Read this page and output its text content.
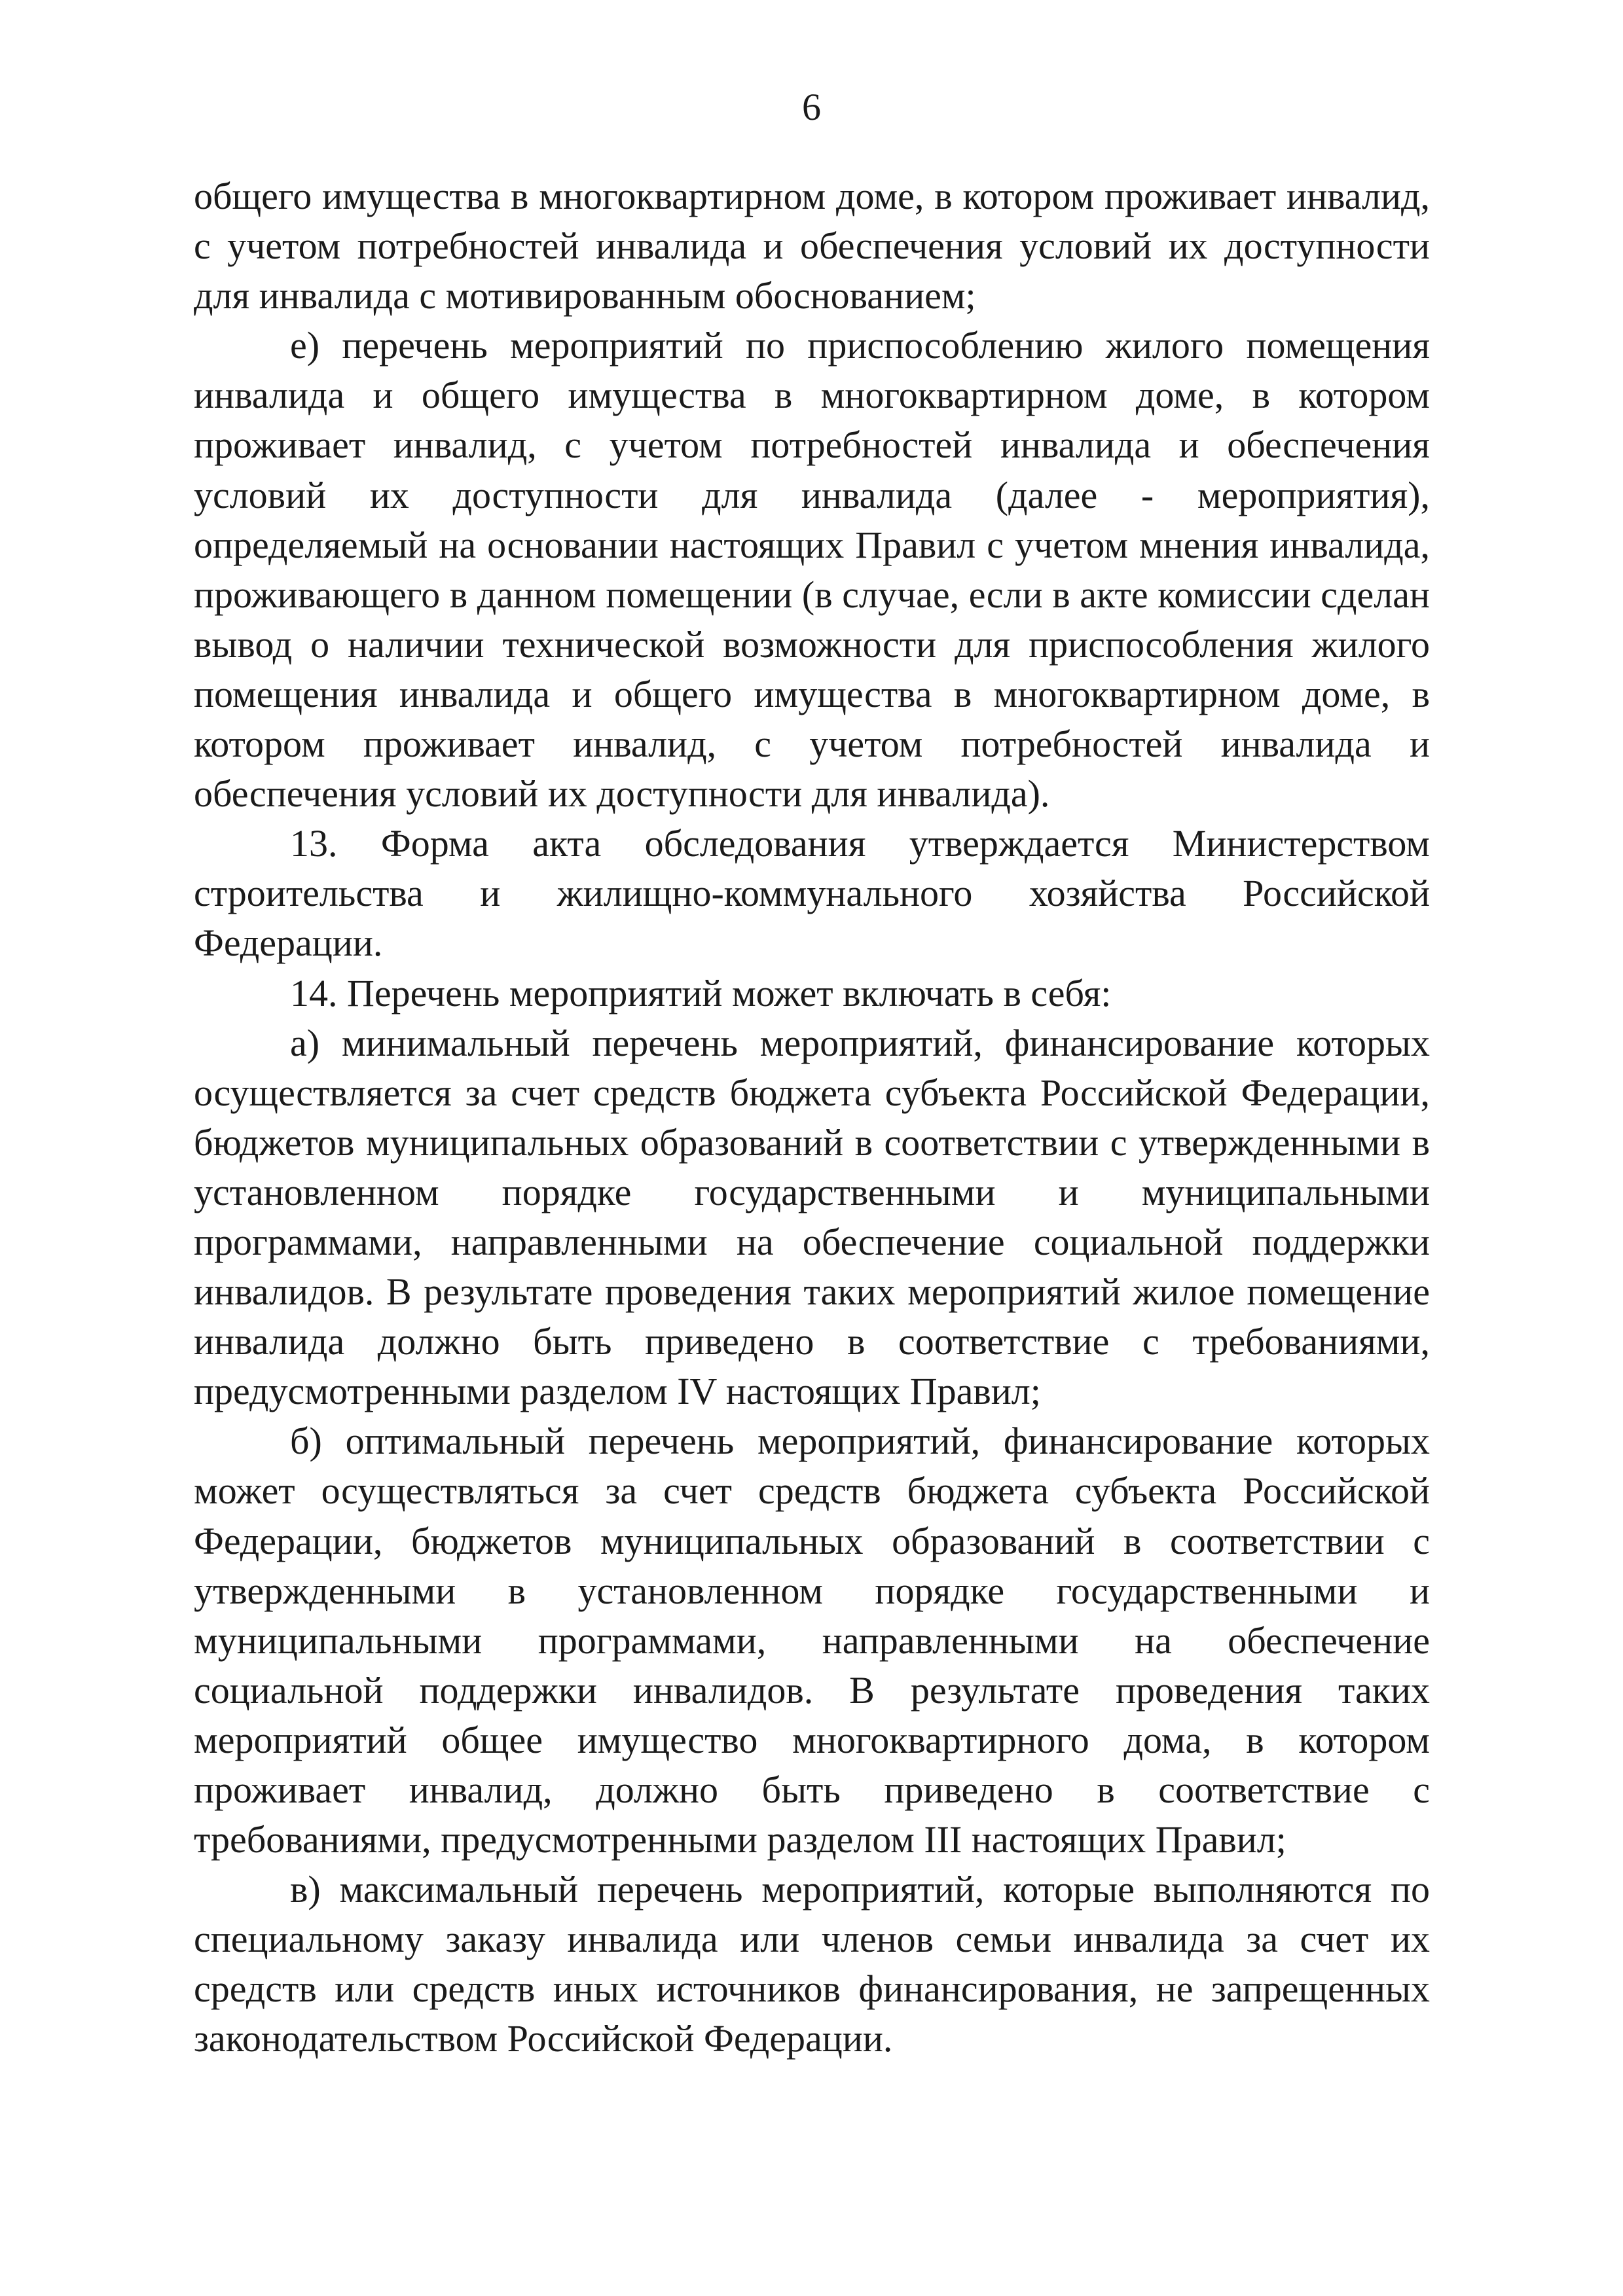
6

общего имущества в многоквартирном доме, в котором проживает инвалид, с учетом потребностей инвалида и обеспечения условий их доступности для инвалида с мотивированным обоснованием;

е) перечень мероприятий по приспособлению жилого помещения инвалида и общего имущества в многоквартирном доме, в котором проживает инвалид, с учетом потребностей инвалида и обеспечения условий их доступности для инвалида (далее - мероприятия), определяемый на основании настоящих Правил с учетом мнения инвалида, проживающего в данном помещении (в случае, если в акте комиссии сделан вывод о наличии технической возможности для приспособления жилого помещения инвалида и общего имущества в многоквартирном доме, в котором проживает инвалид, с учетом потребностей инвалида и обеспечения условий их доступности для инвалида).

13. Форма акта обследования утверждается Министерством строительства и жилищно-коммунального хозяйства Российской Федерации.

14. Перечень мероприятий может включать в себя:

а) минимальный перечень мероприятий, финансирование которых осуществляется за счет средств бюджета субъекта Российской Федерации, бюджетов муниципальных образований в соответствии с утвержденными в установленном порядке государственными и муниципальными программами, направленными на обеспечение социальной поддержки инвалидов. В результате проведения таких мероприятий жилое помещение инвалида должно быть приведено в соответствие с требованиями, предусмотренными разделом IV настоящих Правил;

б) оптимальный перечень мероприятий, финансирование которых может осуществляться за счет средств бюджета субъекта Российской Федерации, бюджетов муниципальных образований в соответствии с утвержденными в установленном порядке государственными и муниципальными программами, направленными на обеспечение социальной поддержки инвалидов. В результате проведения таких мероприятий общее имущество многоквартирного дома, в котором проживает инвалид, должно быть приведено в соответствие с требованиями, предусмотренными разделом III настоящих Правил;

в) максимальный перечень мероприятий, которые выполняются по специальному заказу инвалида или членов семьи инвалида за счет их средств или средств иных источников финансирования, не запрещенных законодательством Российской Федерации.
